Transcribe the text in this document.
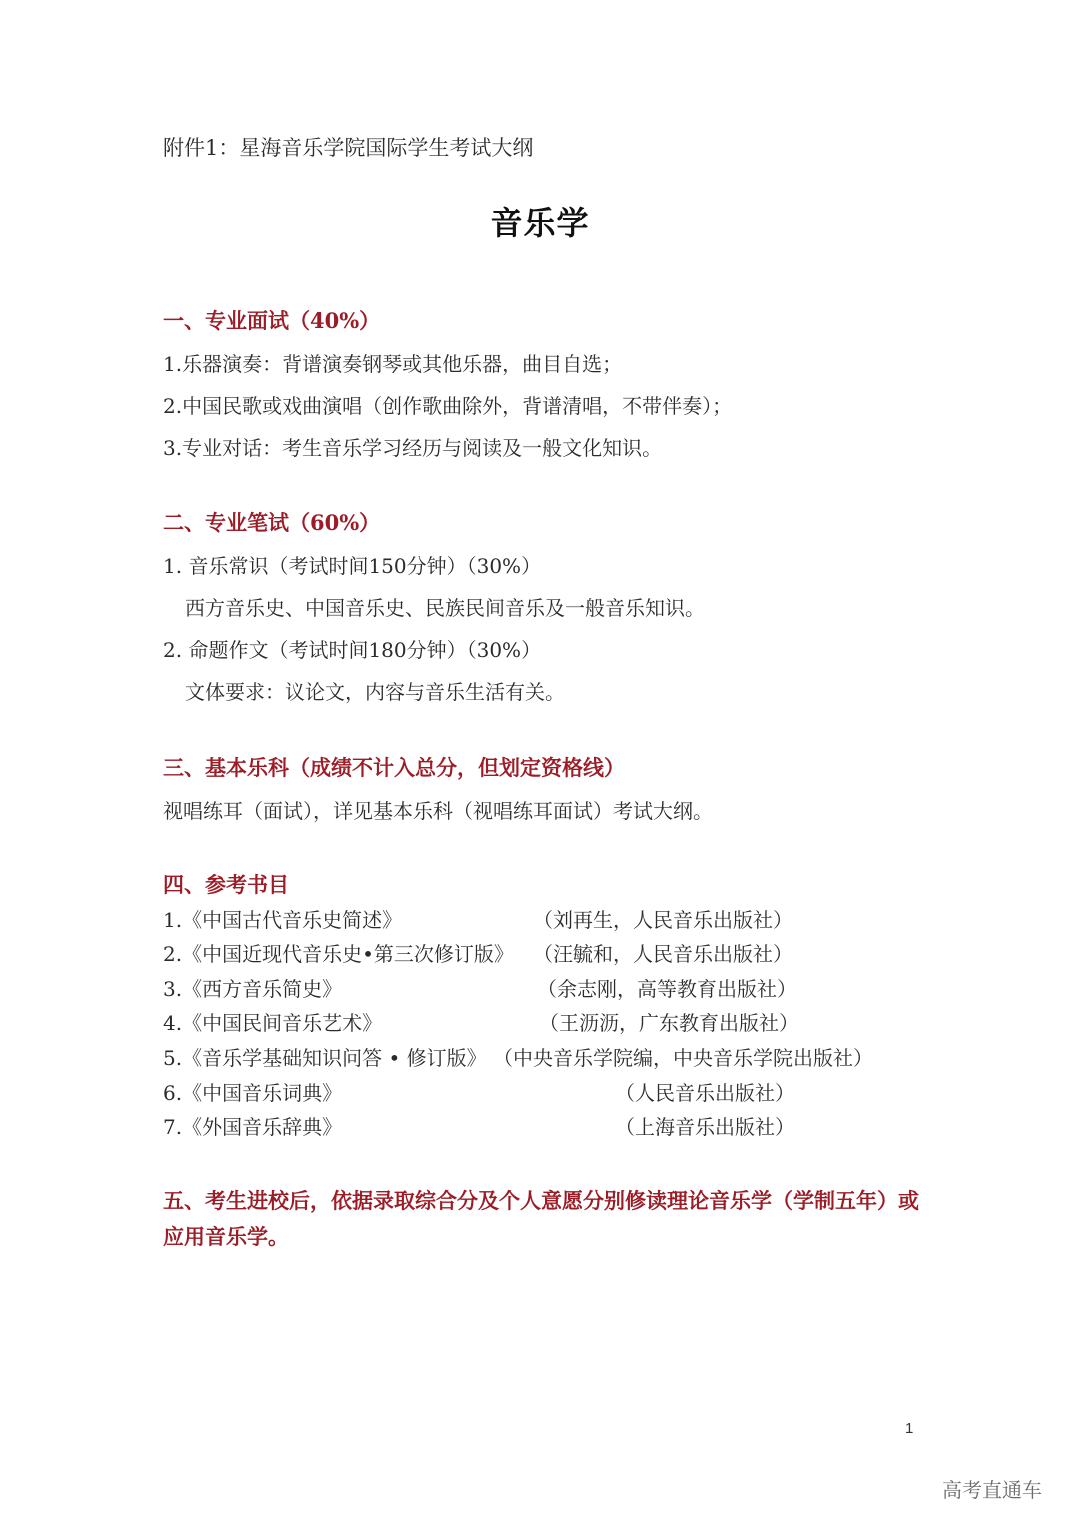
附件1：星海音乐学院国际学生考试大纲
音乐学
一、专业面试（40%）
1.乐器演奏：背谱演奏钢琴或其他乐器，曲目自选；
2.中国民歌或戏曲演唱（创作歌曲除外，背谱清唱，不带伴奏）；
3.专业对话：考生音乐学习经历与阅读及一般文化知识。
二、专业笔试（60%）
1. 音乐常识（考试时间150分钟）（30%）
西方音乐史、中国音乐史、民族民间音乐及一般音乐知识。
2. 命题作文（考试时间180分钟）（30%）
文体要求：议论文，内容与音乐生活有关。
三、基本乐科（成绩不计入总分，但划定资格线）
视唱练耳（面试），详见基本乐科（视唱练耳面试）考试大纲。
四、参考书目
1.《中国古代音乐史简述》	（刘再生，人民音乐出版社）
2.《中国近现代音乐史•第三次修订版》 （汪毓和，人民音乐出版社）
3.《西方音乐简史》	（余志刚，高等教育出版社）
4.《中国民间音乐艺术》	（王沥沥，广东教育出版社）
5.《音乐学基础知识问答 • 修订版》 （中央音乐学院编，中央音乐学院出版社）
6.《中国音乐词典》	（人民音乐出版社）
7.《外国音乐辞典》	（上海音乐出版社）
五、考生进校后，依据录取综合分及个人意愿分别修读理论音乐学（学制五年）或应用音乐学。
1
高考直通车
